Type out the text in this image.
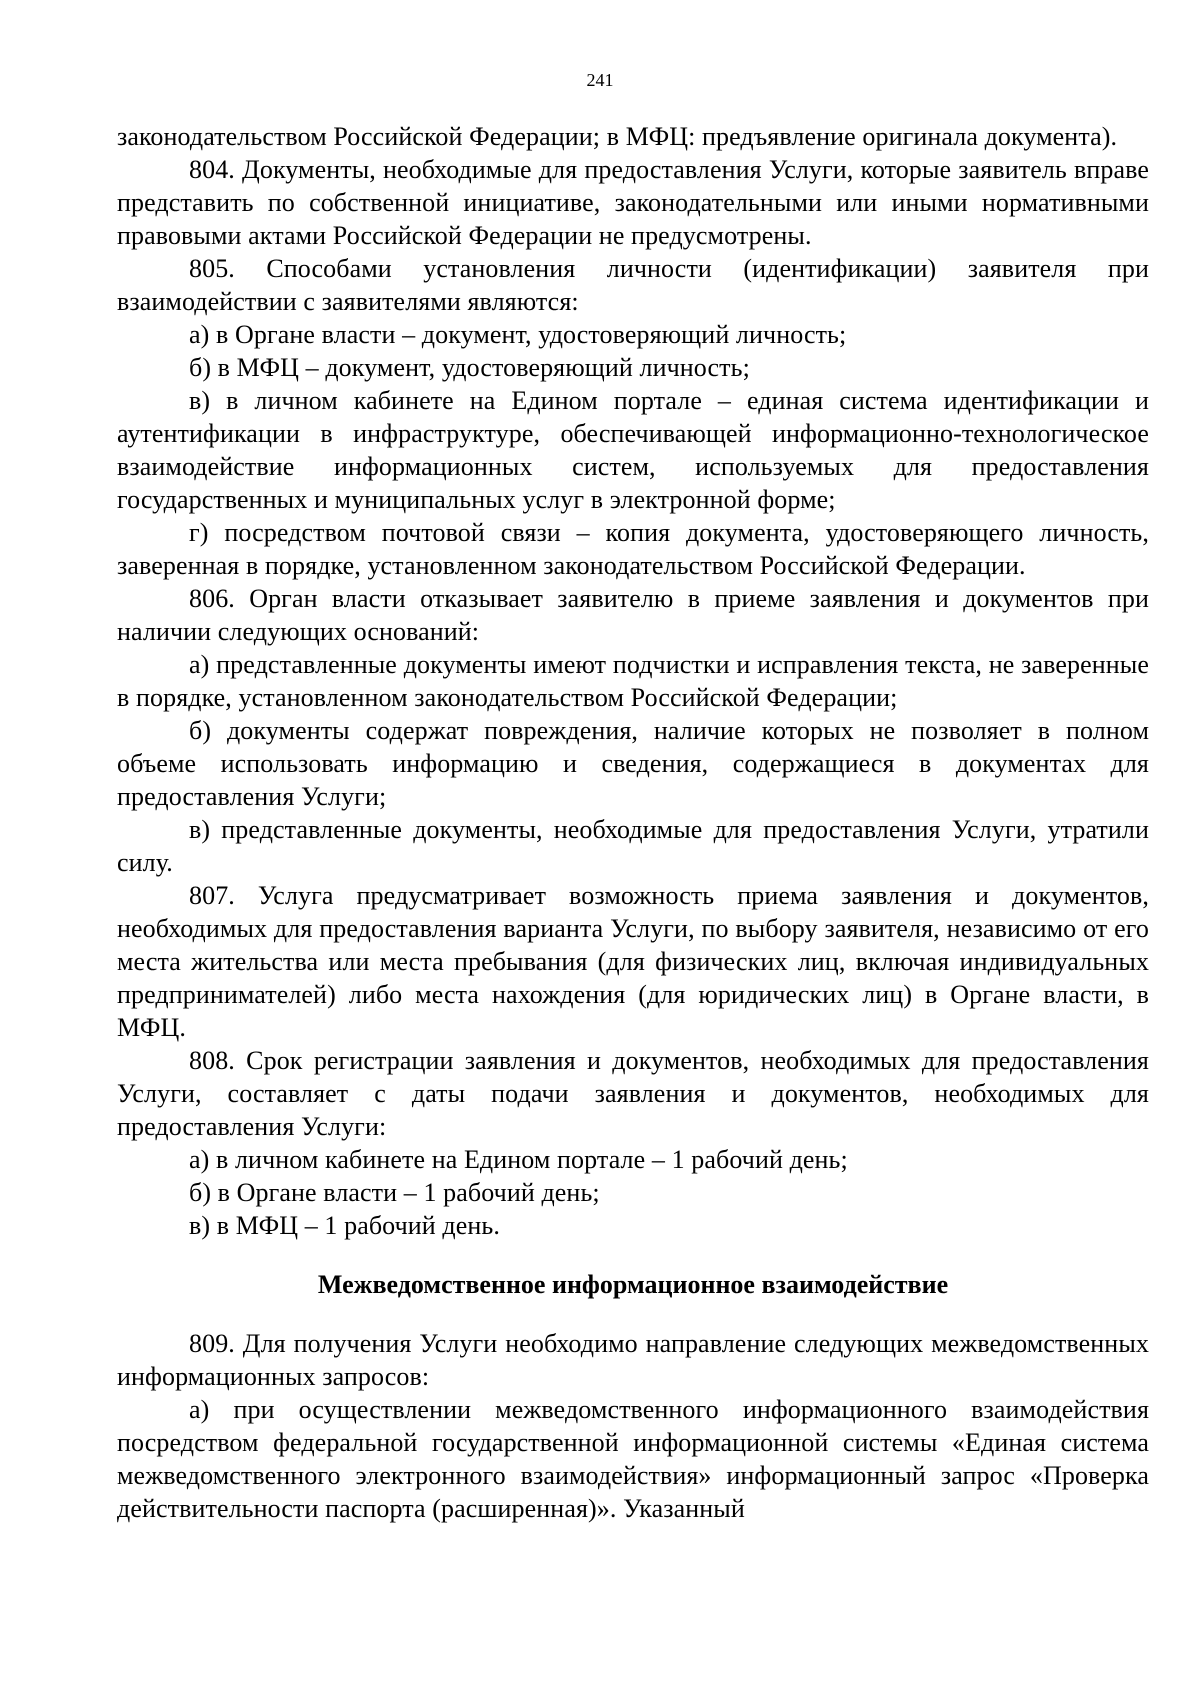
241

законодательством Российской Федерации; в МФЦ: предъявление оригинала документа).

804. Документы, необходимые для предоставления Услуги, которые заявитель вправе представить по собственной инициативе, законодательными или иными нормативными правовыми актами Российской Федерации не предусмотрены.

805. Способами установления личности (идентификации) заявителя при взаимодействии с заявителями являются:

а) в Органе власти – документ, удостоверяющий личность;

б) в МФЦ – документ, удостоверяющий личность;

в) в личном кабинете на Едином портале – единая система идентификации и аутентификации в инфраструктуре, обеспечивающей информационно-технологическое взаимодействие информационных систем, используемых для предоставления государственных и муниципальных услуг в электронной форме;

г) посредством почтовой связи – копия документа, удостоверяющего личность, заверенная в порядке, установленном законодательством Российской Федерации.

806. Орган власти отказывает заявителю в приеме заявления и документов при наличии следующих оснований:

а) представленные документы имеют подчистки и исправления текста, не заверенные в порядке, установленном законодательством Российской Федерации;

б) документы содержат повреждения, наличие которых не позволяет в полном объеме использовать информацию и сведения, содержащиеся в документах для предоставления Услуги;

в) представленные документы, необходимые для предоставления Услуги, утратили силу.

807. Услуга предусматривает возможность приема заявления и документов, необходимых для предоставления варианта Услуги, по выбору заявителя, независимо от его места жительства или места пребывания (для физических лиц, включая индивидуальных предпринимателей) либо места нахождения (для юридических лиц) в Органе власти, в МФЦ.

808. Срок регистрации заявления и документов, необходимых для предоставления Услуги, составляет с даты подачи заявления и документов, необходимых для предоставления Услуги:

а) в личном кабинете на Едином портале – 1 рабочий день;

б) в Органе власти – 1 рабочий день;

в) в МФЦ – 1 рабочий день.

Межведомственное информационное взаимодействие

809. Для получения Услуги необходимо направление следующих межведомственных информационных запросов:

а) при осуществлении межведомственного информационного взаимодействия посредством федеральной государственной информационной системы «Единая система межведомственного электронного взаимодействия» информационный запрос «Проверка действительности паспорта (расширенная)». Указанный
